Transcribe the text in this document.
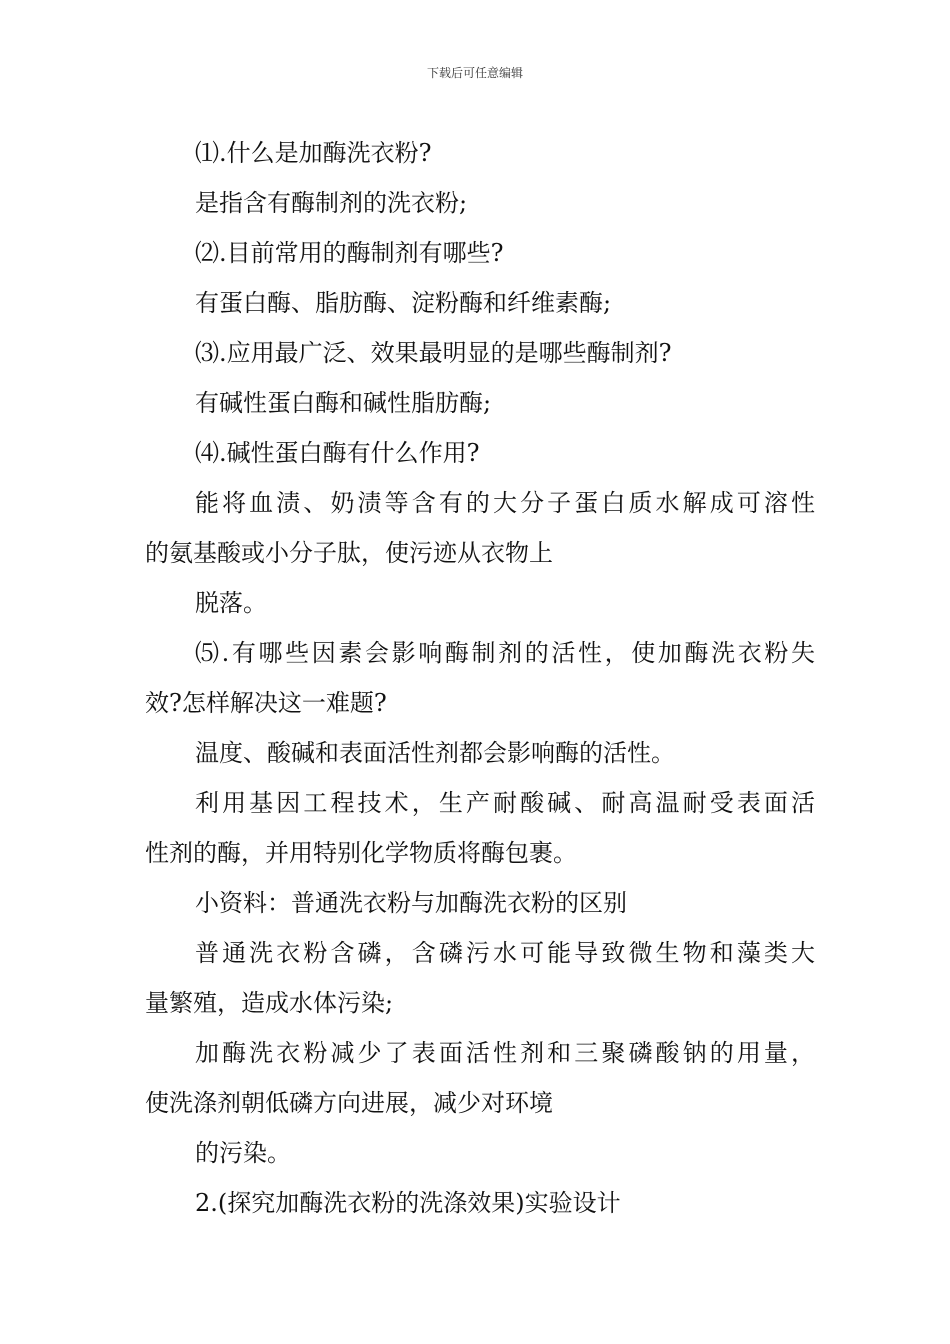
下载后可任意编辑
⑴.什么是加酶洗衣粉?
是指含有酶制剂的洗衣粉;
⑵.目前常用的酶制剂有哪些?
有蛋白酶、脂肪酶、淀粉酶和纤维素酶;
⑶.应用最广泛、效果最明显的是哪些酶制剂?
有碱性蛋白酶和碱性脂肪酶;
⑷.碱性蛋白酶有什么作用?
能将血渍、奶渍等含有的大分子蛋白质水解成可溶性
的氨基酸或小分子肽，使污迹从衣物上
脱落。
⑸.有哪些因素会影响酶制剂的活性，使加酶洗衣粉失
效?怎样解决这一难题?
温度、酸碱和表面活性剂都会影响酶的活性。
利用基因工程技术，生产耐酸碱、耐高温耐受表面活
性剂的酶，并用特别化学物质将酶包裹。
小资料：普通洗衣粉与加酶洗衣粉的区别
普通洗衣粉含磷，含磷污水可能导致微生物和藻类大
量繁殖，造成水体污染;
加酶洗衣粉减少了表面活性剂和三聚磷酸钠的用量，
使洗涤剂朝低磷方向进展，减少对环境
的污染。
2.(探究加酶洗衣粉的洗涤效果)实验设计
